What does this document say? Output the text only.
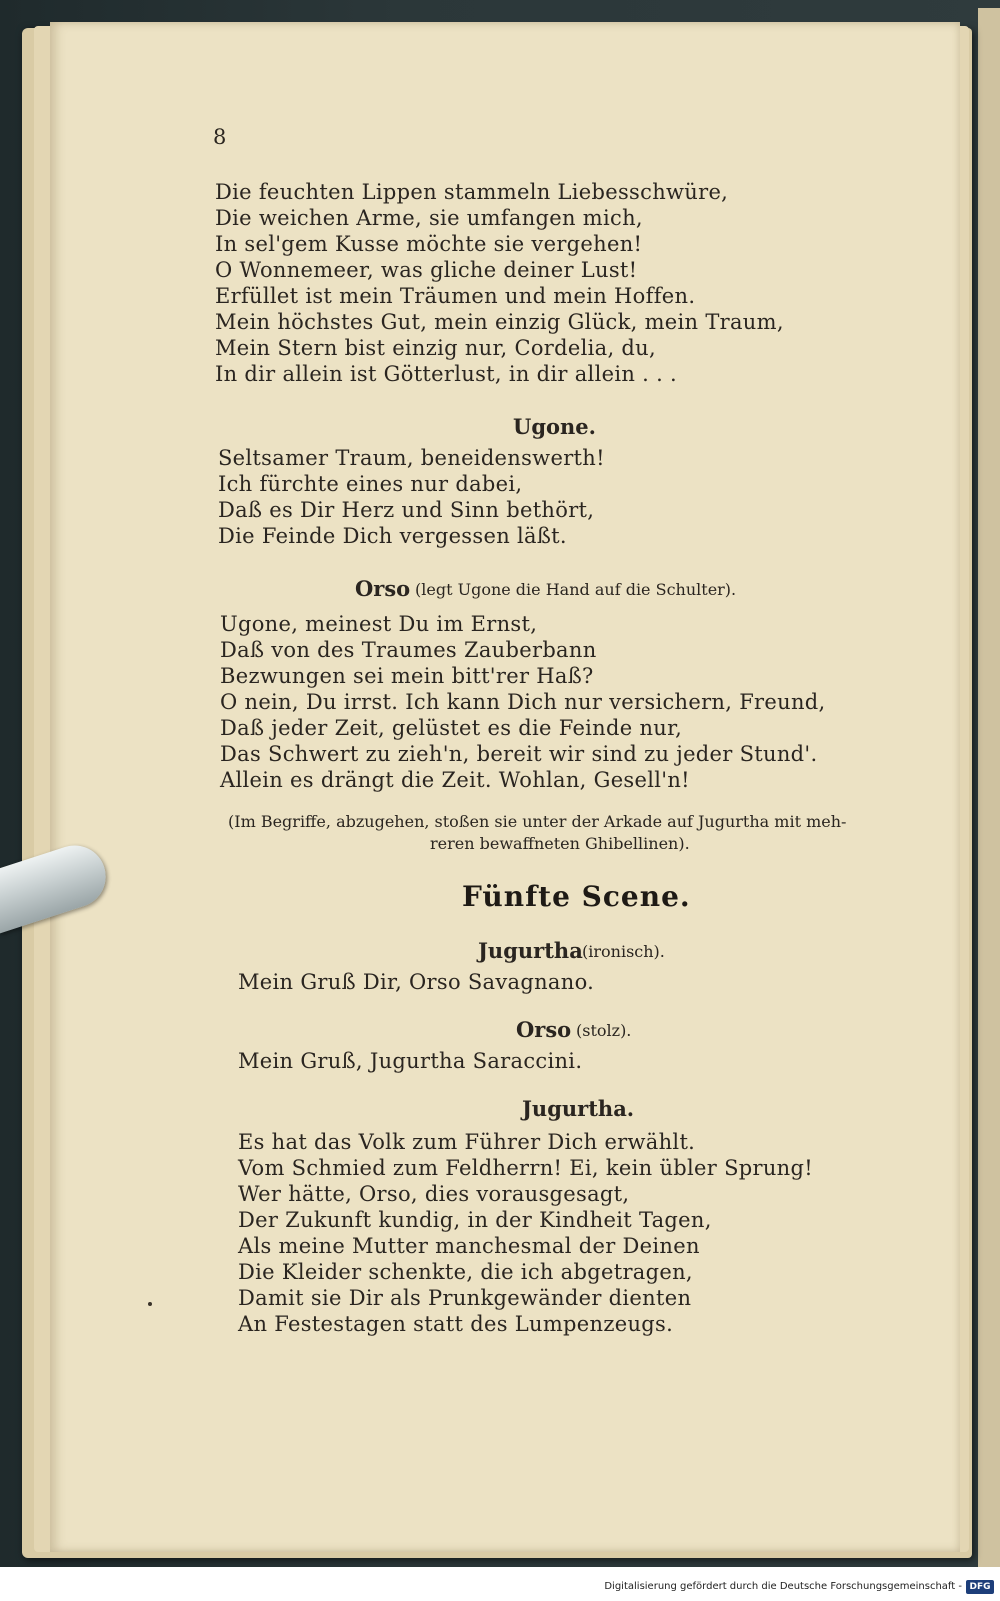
8
Die feuchten Lippen stammeln Liebesschwüre,
Die weichen Arme, sie umfangen mich,
In sel'gem Kusse möchte sie vergehen!
O Wonnemeer, was gliche deiner Lust!
Erfüllet ist mein Träumen und mein Hoffen.
Mein höchstes Gut, mein einzig Glück, mein Traum,
Mein Stern bist einzig nur, Cordelia, du,
In dir allein ist Götterlust, in dir allein . . .
Ugone.
Seltsamer Traum, beneidenswerth!
Ich fürchte eines nur dabei,
Daß es Dir Herz und Sinn bethört,
Die Feinde Dich vergessen läßt.
Orso (legt Ugone die Hand auf die Schulter).
Ugone, meinest Du im Ernst,
Daß von des Traumes Zauberbann
Bezwungen sei mein bitt'rer Haß?
O nein, Du irrst. Ich kann Dich nur versichern, Freund,
Daß jeder Zeit, gelüstet es die Feinde nur,
Das Schwert zu zieh'n, bereit wir sind zu jeder Stund'.
Allein es drängt die Zeit. Wohlan, Gesell'n!
(Im Begriffe, abzugehen, stoßen sie unter der Arkade auf Jugurtha mit meh-
reren bewaffneten Ghibellinen).
Fünfte Scene.
Jugurtha (ironisch).
Mein Gruß Dir, Orso Savagnano.
Orso (stolz).
Mein Gruß, Jugurtha Saraccini.
Jugurtha.
Es hat das Volk zum Führer Dich erwählt.
Vom Schmied zum Feldherrn! Ei, kein übler Sprung!
Wer hätte, Orso, dies vorausgesagt,
Der Zukunft kundig, in der Kindheit Tagen,
Als meine Mutter manchesmal der Deinen
Die Kleider schenkte, die ich abgetragen,
Damit sie Dir als Prunkgewänder dienten
An Festestagen statt des Lumpenzeugs.
Digitalisierung gefördert durch die Deutsche Forschungsgemeinschaft - DFG
